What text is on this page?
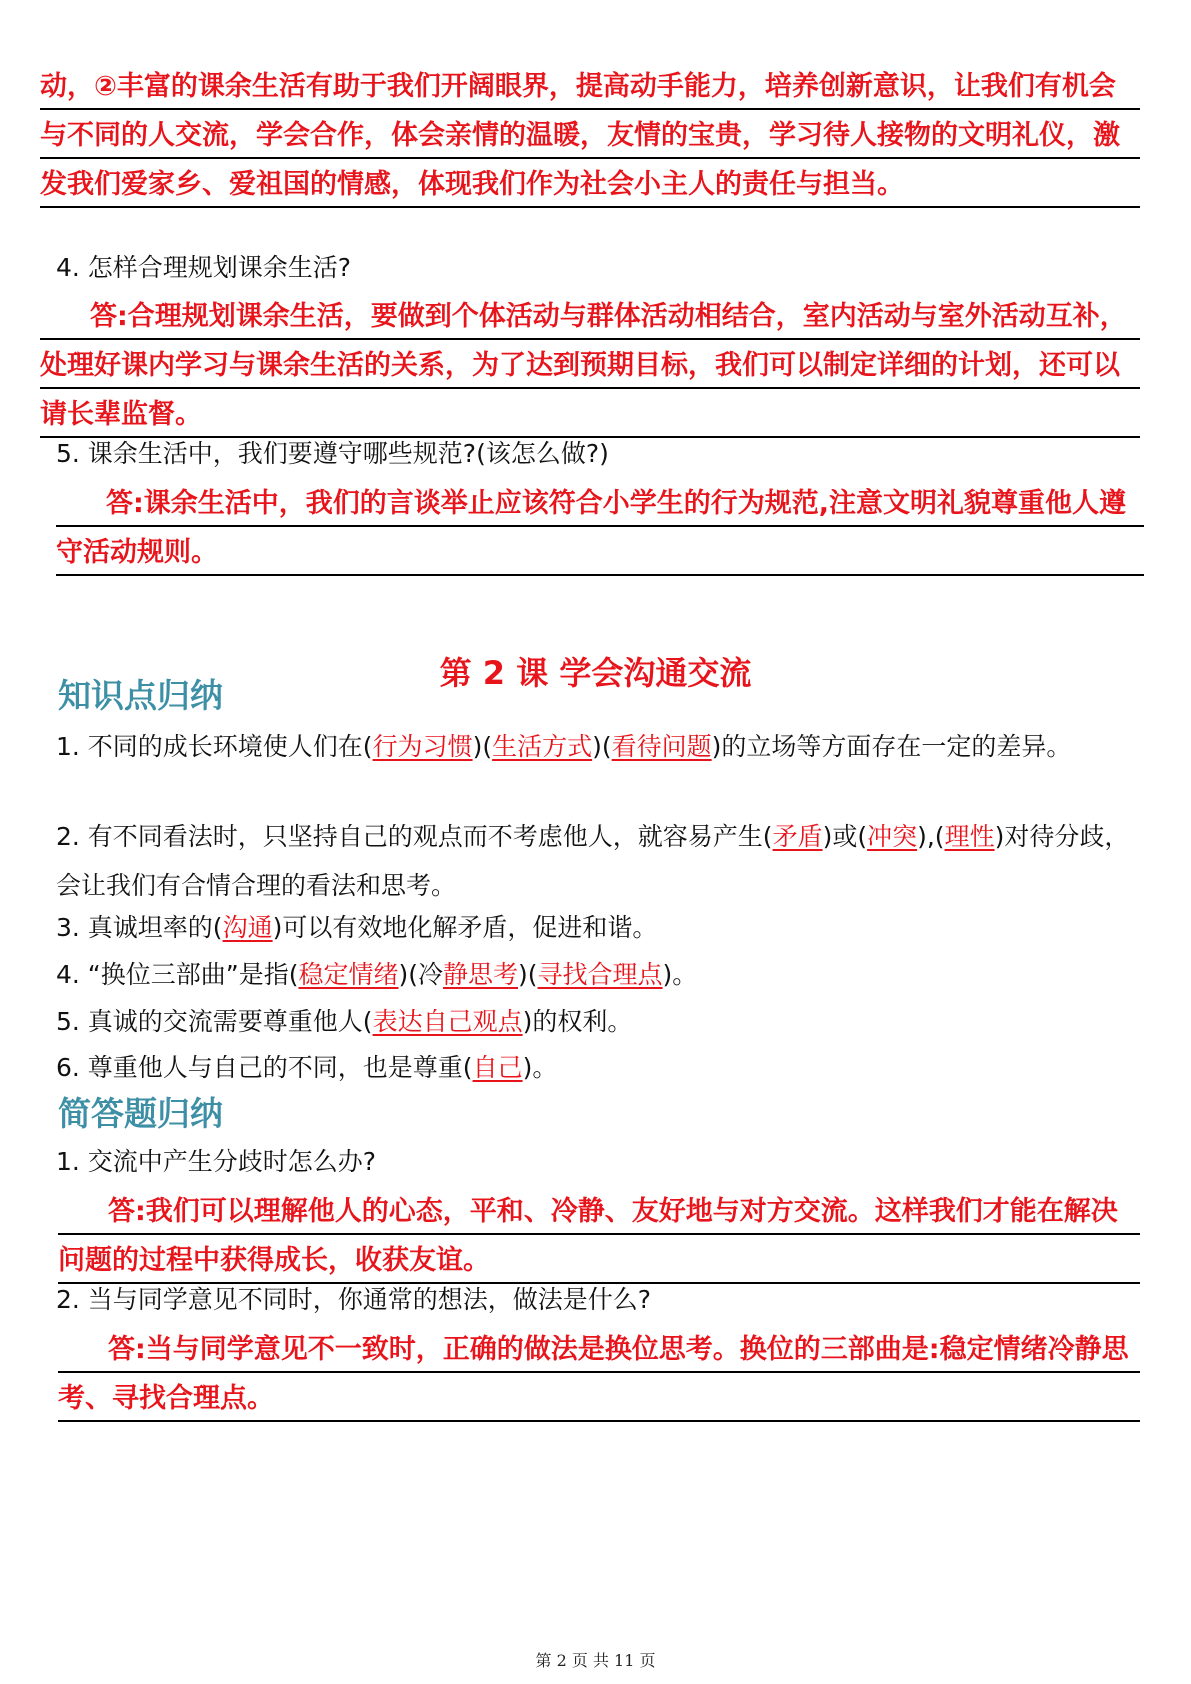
动，②丰富的课余生活有助于我们开阔眼界，提高动手能力，培养创新意识，让我们有机会与不同的人交流，学会合作，体会亲情的温暖，友情的宝贵，学习待人接物的文明礼仪，激发我们爱家乡、爱祖国的情感，体现我们作为社会小主人的责任与担当。
4. 怎样合理规划课余生活?
答:合理规划课余生活，要做到个体活动与群体活动相结合，室内活动与室外活动互补，处理好课内学习与课余生活的关系，为了达到预期目标，我们可以制定详细的计划，还可以请长辈监督。
5. 课余生活中，我们要遵守哪些规范?(该怎么做?)
答:课余生活中，我们的言谈举止应该符合小学生的行为规范,注意文明礼貌尊重他人遵守活动规则。
第 2 课 学会沟通交流
知识点归纳
1. 不同的成长环境使人们在(行为习惯)(生活方式)(看待问题)的立场等方面存在一定的差异。
2. 有不同看法时，只坚持自己的观点而不考虑他人，就容易产生(矛盾)或(冲突),(理性)对待分歧，会让我们有合情合理的看法和思考。
3. 真诚坦率的(沟通)可以有效地化解矛盾，促进和谐。
4. “换位三部曲”是指(稳定情绪)(冷静思考)(寻找合理点)。
5. 真诚的交流需要尊重他人(表达自己观点)的权利。
6. 尊重他人与自己的不同，也是尊重(自己)。
简答题归纳
1. 交流中产生分歧时怎么办?
答:我们可以理解他人的心态，平和、冷静、友好地与对方交流。这样我们才能在解决问题的过程中获得成长，收获友谊。
2. 当与同学意见不同时，你通常的想法，做法是什么?
答:当与同学意见不一致时，正确的做法是换位思考。换位的三部曲是:稳定情绪冷静思考、寻找合理点。
第 2 页 共 11 页
